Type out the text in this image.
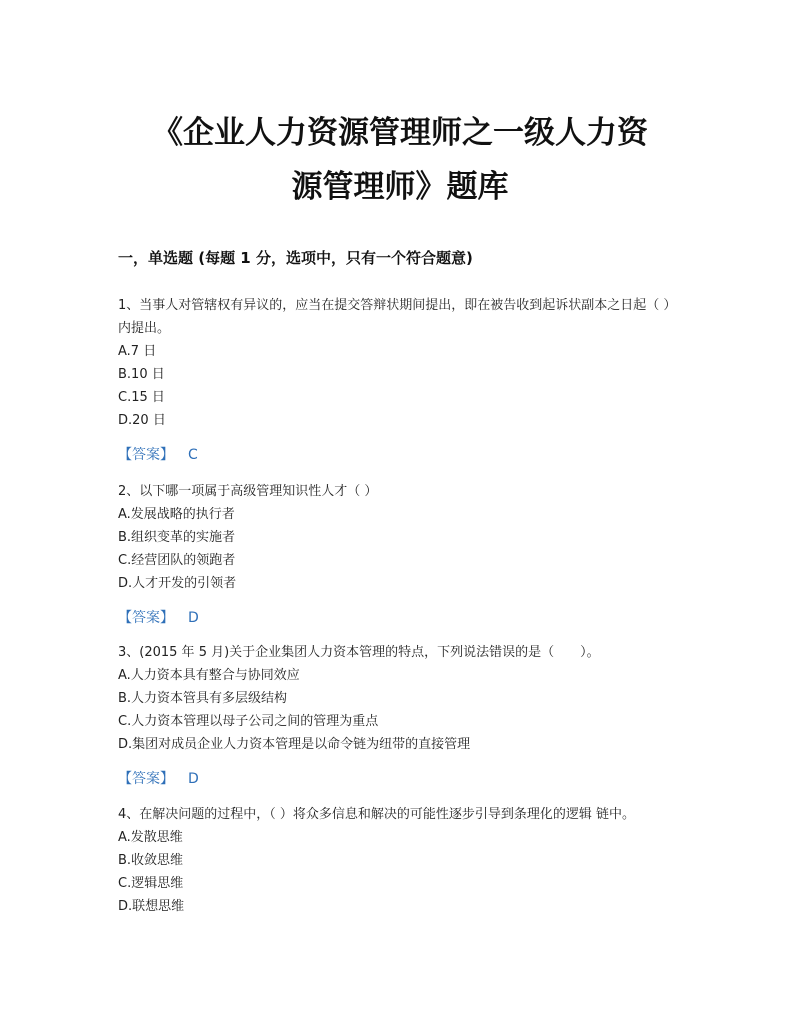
《企业人力资源管理师之一级人力资
源管理师》题库
一，单选题 (每题 1 分，选项中，只有一个符合题意)

1、当事人对管辖权有异议的，应当在提交答辩状期间提出，即在被告收到起诉状副本之日起（ ）内提出。

A.7 日

B.10 日

C.15 日

D.20 日

【答案】 C

2、以下哪一项属于高级管理知识性人才（ ）

A.发展战略的执行者

B.组织变革的实施者

C.经营团队的领跑者

D.人才开发的引领者

【答案】 D

3、(2015 年 5 月)关于企业集团人力资本管理的特点，下列说法错误的是（　　）。

A.人力资本具有整合与协同效应

B.人力资本管具有多层级结构

C.人力资本管理以母子公司之间的管理为重点

D.集团对成员企业人力资本管理是以命令链为纽带的直接管理

【答案】 D

4、在解决问题的过程中，（ ）将众多信息和解决的可能性逐步引导到条理化的逻辑 链中。

A.发散思维

B.收敛思维

C.逻辑思维

D.联想思维
